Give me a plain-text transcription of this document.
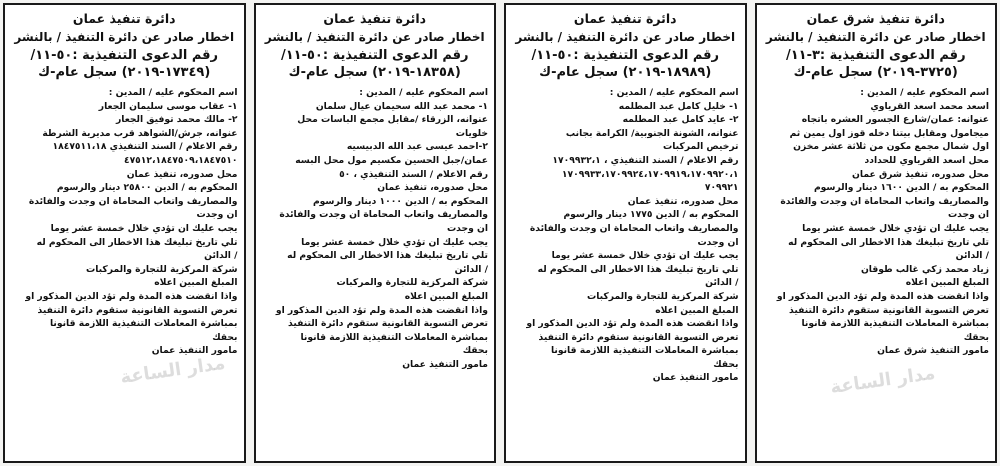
دائرة تنفيذ شرق عمان
اخطار صادر عن دائرة التنفيذ / بالنشر
رقم الدعوى التنفيذية :٣-١١/
(٣٧٢٥-٢٠١٩) سجل عام-ك
اسم المحكوم عليه / المدين :
اسعد محمد اسعد القرياوي
عنوانه: عمان/شارع الجسور العشره باتجاه
ميجامول ومقابل بيتنا دخله قوز اول يمين ثم
اول شمال مجمع مكون من ثلاثة عشر مخزن
محل اسعد القرياوي للحدادد
محل صدوره، تنفيذ شرق عمان
المحكوم به / الدين ١٦٠٠ دينار والرسوم
والمصاريف واتعاب المحاماة ان وجدت والفائدة
ان وجدت
يجب عليك ان تؤدي خلال خمسة عشر يوما
تلي تاريخ تبليغك هذا الاخطار الى المحكوم له
/ الدائن
زياد محمد زكي غالب طوقان
المبلغ المبين اعلاه
واذا انقضت هذه المدة ولم تؤد الدين المذكور او
تعرض التسوية القانونية ستقوم دائرة التنفيذ
بمباشرة المعاملات التنفيذية اللازمة قانونا
بحقك
مامور التنفيذ شرق عمان
دائرة تنفيذ عمان
اخطار صادر عن دائرة التنفيذ / بالنشر
رقم الدعوى التنفيذية :٥٠-١١/
(١٨٩٨٩-٢٠١٩) سجل عام-ك
اسم المحكوم عليه / المدين :
١- خليل كامل عبد المطلمه
٢- عايد كامل عبد المطلمه
عنوانه، الشونة الجنوبية/ الكرامة بجانب
ترخيص المركبات
رقم الاعلام / السند التنفيذي ، ١٧٠٩٩٣٢،١
١٧٠٩٩٣٣،١٧٠٩٩٢٤،١٧٠٩٩١٩،١٧٠٩٩٢٠،١
٧٠٩٩٢١
محل صدوره، تنفيذ عمان
المحكوم به / الدين ١٧٧٥ دينار والرسوم
والمصاريف واتعاب المحاماة ان وجدت والفائدة
ان وجدت
يجب عليك ان تؤدي خلال خمسة عشر يوما
تلي تاريخ تبليغك هذا الاخطار الى المحكوم له
/ الدائن
شركة المركزية للتجارة والمركبات
المبلغ المبين اعلاه
واذا انقضت هذه المدة ولم تؤد الدين المذكور او
تعرض التسوية القانونية ستقوم دائرة التنفيذ
بمباشرة المعاملات التنفيذية اللازمة قانونا
بحقك
مامور التنفيذ عمان
دائرة تنفيذ عمان
اخطار صادر عن دائرة التنفيذ / بالنشر
رقم الدعوى التنفيذية :٥٠-١١/
(١٨٣٥٨-٢٠١٩) سجل عام-ك
اسم المحكوم عليه / المدين :
١- محمد عبد الله سحيمان عيال سلمان
عنوانه، الزرقاء /مقابل مجمع الباسات محل
خلويات
٢-احمد عيسى عبد الله الدبيسيه
عمان/جبل الحسين مكسيم مول محل البسه
رقم الاعلام / السند التنفيذي ، ٥٠
محل صدوره، تنفيذ عمان
المحكوم به / الدين ١٠٠٠ دينار والرسوم
والمصاريف واتعاب المحاماة ان وجدت والفائدة
ان وجدت
يجب عليك ان تؤدي خلال خمسة عشر يوما
تلي تاريخ تبليغك هذا الاخطار الى المحكوم له
/ الدائن
شركة المركزية للتجارة والمركبات
المبلغ المبين اعلاه
واذا انقضت هذه المدة ولم تؤد الدين المذكور او
تعرض التسوية القانونية ستقوم دائرة التنفيذ
بمباشرة المعاملات التنفيذية اللازمة قانونا
بحقك
مامور التنفيذ عمان
دائرة تنفيذ عمان
اخطار صادر عن دائرة التنفيذ / بالنشر
رقم الدعوى التنفيذية :٥٠-١١/
(١٧٣٤٩-٢٠١٩) سجل عام-ك
اسم المحكوم عليه / المدين :
١- عقاب موسى سليمان الجعار
٢- مالك محمد توفيق الجعار
عنوانه، جرش/الشواهد قرب مديرية الشرطة
رقم الاعلام / السند التنفيذي ١٨٤٧٥١١،١٨
٤٧٥١٢،١٨٤٧٥٠٩،١٨٤٧٥١٠
محل صدوره، تنفيذ عمان
المحكوم به / الدين ٢٥٨٠٠ دينار والرسوم
والمصاريف واتعاب المحاماة ان وجدت والفائدة
ان وجدت
يجب عليك ان تؤدي خلال خمسة عشر يوما
تلي تاريخ تبليغك هذا الاخطار الى المحكوم له
/ الدائن
شركة المركزية للتجارة والمركبات
المبلغ المبين اعلاه
واذا انقضت هذه المدة ولم تؤد الدين المذكور او
تعرض التسوية القانونية ستقوم دائرة التنفيذ
بمباشرة المعاملات التنفيذية اللازمة قانونا
بحقك
مامور التنفيذ عمان
مدار الساعة	مدار الساعة
